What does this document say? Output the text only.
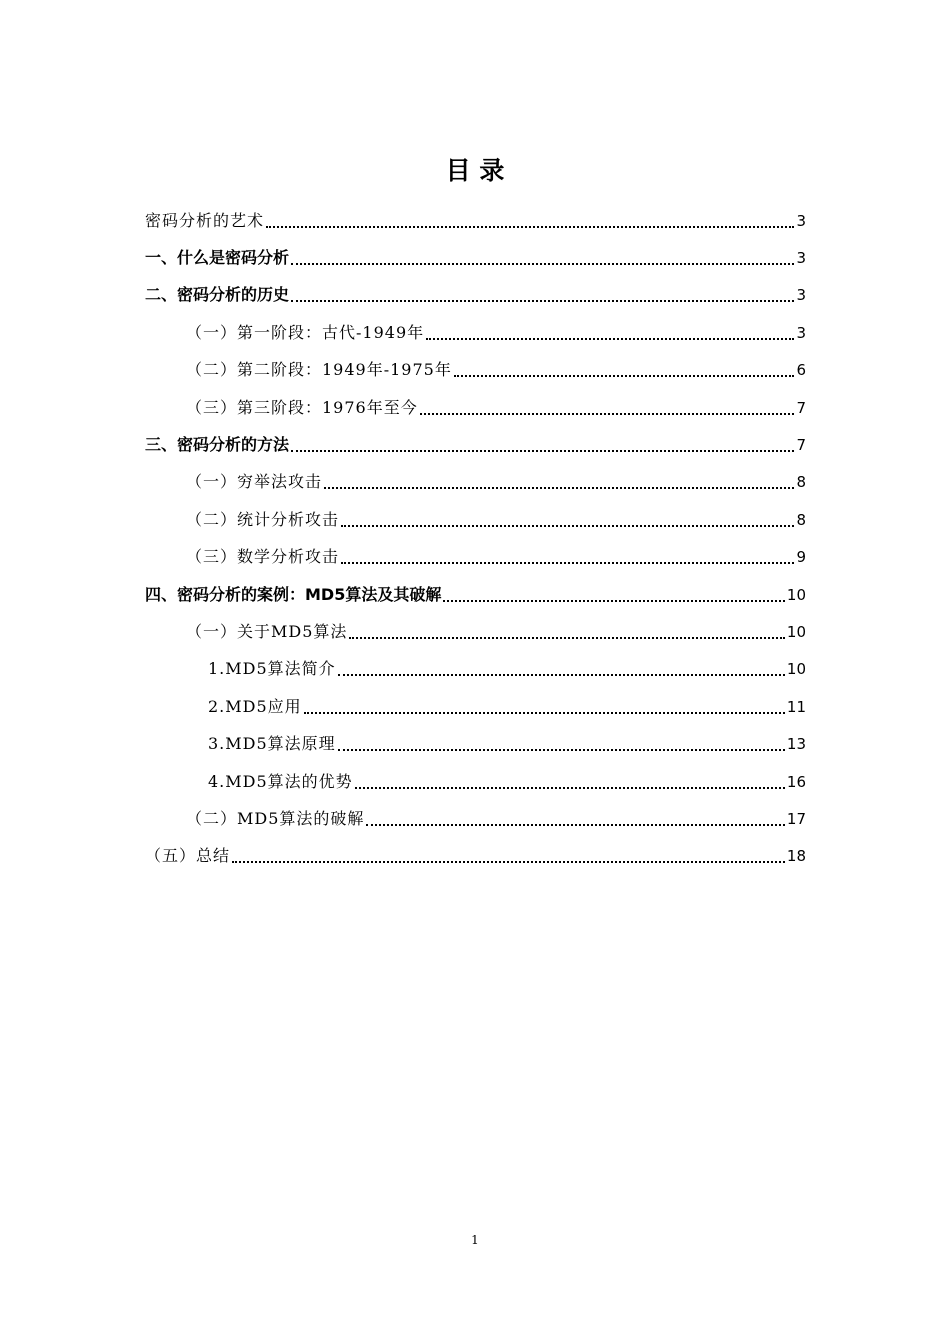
目 录
密码分析的艺术	3
一、什么是密码分析	3
二、密码分析的历史	3
（一）第一阶段：古代-1949年	3
（二）第二阶段：1949年-1975年	6
（三）第三阶段：1976年至今	7
三、密码分析的方法	7
（一）穷举法攻击	8
（二）统计分析攻击	8
（三）数学分析攻击	9
四、密码分析的案例：MD5算法及其破解	10
（一）关于MD5算法	10
1.MD5算法简介	10
2.MD5应用	11
3.MD5算法原理	13
4.MD5算法的优势	16
（二）MD5算法的破解	17
（五）总结	18
1
